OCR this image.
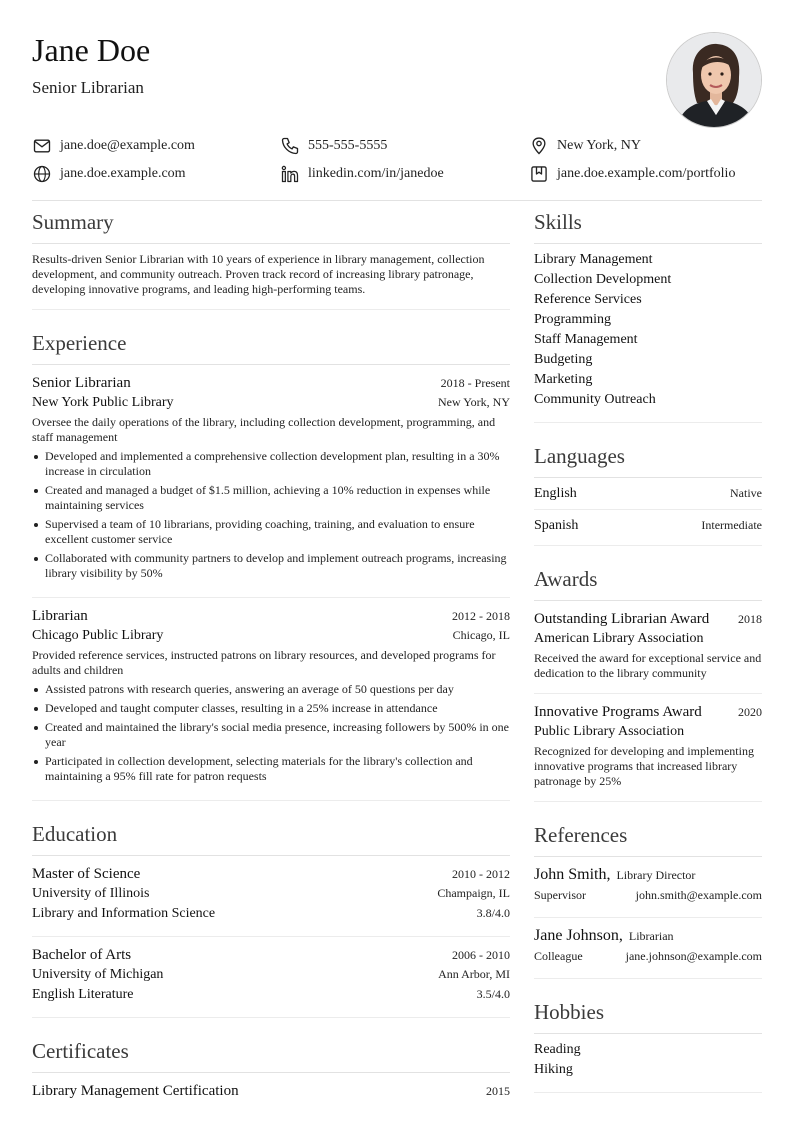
Jane Doe
Senior Librarian
jane.doe@example.com	555-555-5555	New York, NY
jane.doe.example.com	linkedin.com/in/janedoe	jane.doe.example.com/portfolio
Summary
Results-driven Senior Librarian with 10 years of experience in library management, collection development, and community outreach. Proven track record of increasing library patronage, developing innovative programs, and leading high-performing teams.
Experience
Senior Librarian	2018 - Present
New York Public Library	New York, NY
Oversee the daily operations of the library, including collection development, programming, and staff management
Developed and implemented a comprehensive collection development plan, resulting in a 30% increase in circulation
Created and managed a budget of $1.5 million, achieving a 10% reduction in expenses while maintaining services
Supervised a team of 10 librarians, providing coaching, training, and evaluation to ensure excellent customer service
Collaborated with community partners to develop and implement outreach programs, increasing library visibility by 50%
Librarian	2012 - 2018
Chicago Public Library	Chicago, IL
Provided reference services, instructed patrons on library resources, and developed programs for adults and children
Assisted patrons with research queries, answering an average of 50 questions per day
Developed and taught computer classes, resulting in a 25% increase in attendance
Created and maintained the library's social media presence, increasing followers by 500% in one year
Participated in collection development, selecting materials for the library's collection and maintaining a 95% fill rate for patron requests
Education
Master of Science	2010 - 2012
University of Illinois	Champaign, IL
Library and Information Science	3.8/4.0
Bachelor of Arts	2006 - 2010
University of Michigan	Ann Arbor, MI
English Literature	3.5/4.0
Certificates
Library Management Certification	2015
Skills
Library Management
Collection Development
Reference Services
Programming
Staff Management
Budgeting
Marketing
Community Outreach
Languages
English	Native
Spanish	Intermediate
Awards
Outstanding Librarian Award 2018
American Library Association
Received the award for exceptional service and dedication to the library community
Innovative Programs Award	2020
Public Library Association
Recognized for developing and implementing innovative programs that increased library patronage by 25%
References
John Smith, Library Director
Supervisor	john.smith@example.com
Jane Johnson, Librarian
Colleague	jane.johnson@example.com
Hobbies
Reading
Hiking
